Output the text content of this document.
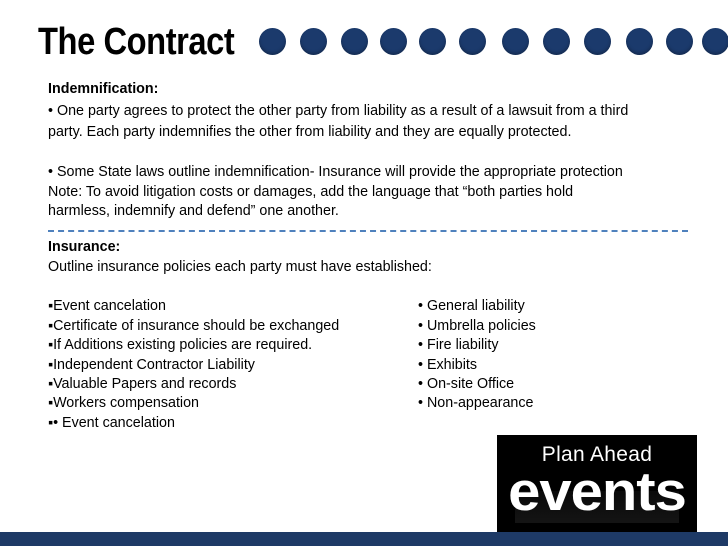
The Contract
Indemnification:
• One party agrees to protect the other party from liability as a result of a lawsuit from a third
party. Each party indemnifies the other from liability and they are equally protected.
• Some State laws outline indemnification- Insurance will provide the appropriate protection
Note: To avoid litigation costs or damages, add the language that “both parties hold
harmless, indemnify and defend” one another.
Insurance:
Outline insurance policies each party must have established:
▪Event cancelation
▪Certificate of insurance should be exchanged
▪If Additions existing policies are required.
▪Independent Contractor Liability
▪Valuable Papers and records
▪Workers compensation
▪• Event cancelation
• General liability
• Umbrella policies
• Fire liability
• Exhibits
• On-site Office
• Non-appearance
Plan Ahead
events
